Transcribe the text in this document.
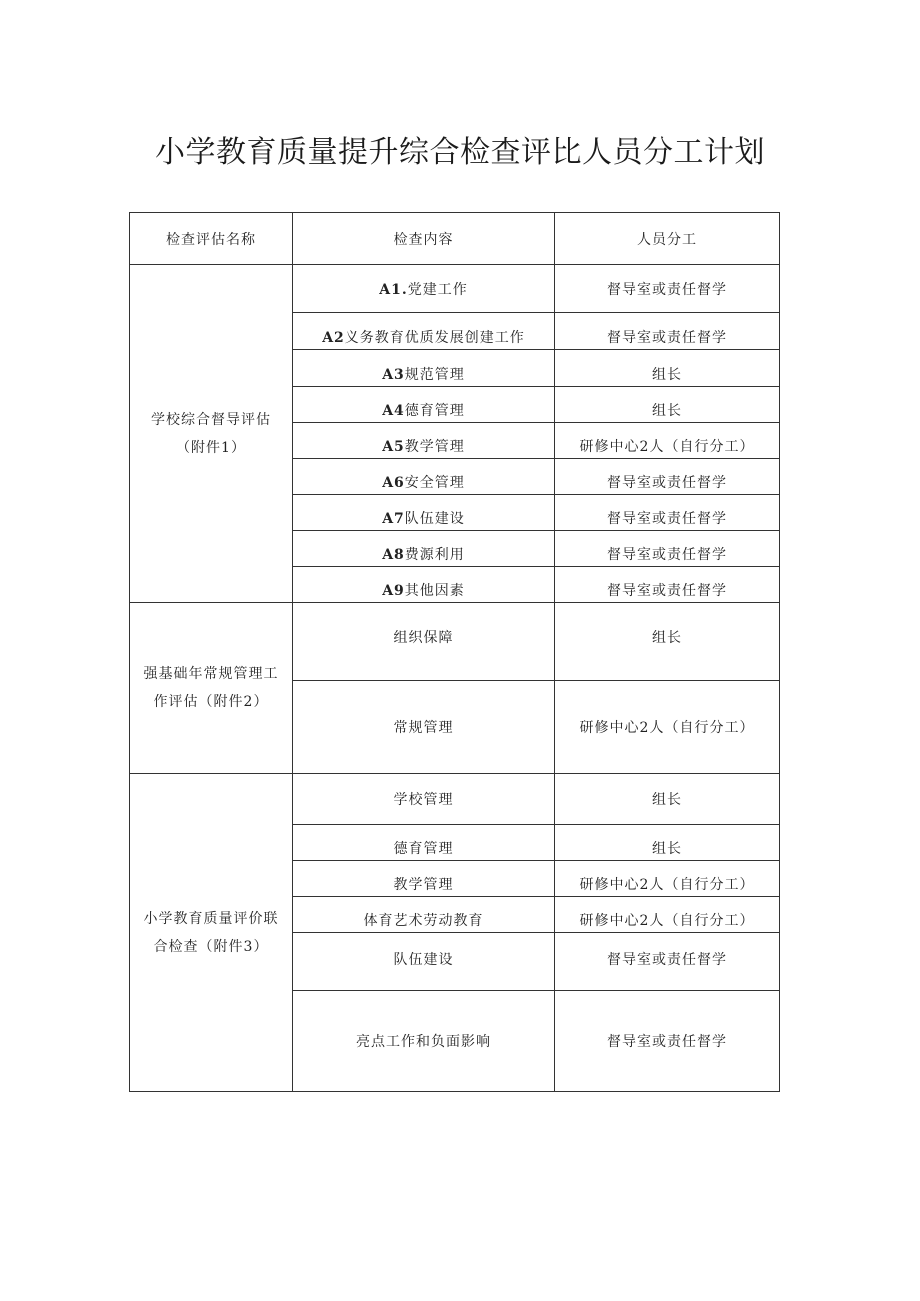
小学教育质量提升综合检查评比人员分工计划
检查评估名称	检查内容	人员分工

学校综合督导评估
（附件1）	A1.党建工作	督导室或责任督学
	A2义务教育优质发展创建工作	督导室或责任督学
	A3规范管理	组长
	A4德育管理	组长
	A5教学管理	研修中心2人（自行分工）
	A6安全管理	督导室或责任督学
	A7队伍建设	督导室或责任督学
	A8费源利用	督导室或责任督学
	A9其他因素	督导室或责任督学

强基础年常规管理工
作评估（附件2）	组织保障	组长
	常规管理	研修中心2人（自行分工）

小学教育质量评价联
合检查（附件3）	学校管理	组长
	德育管理	组长
	教学管理	研修中心2人（自行分工）
	体育艺术劳动教育	研修中心2人（自行分工）
	队伍建设	督导室或责任督学
	亮点工作和负面影响	督导室或责任督学
